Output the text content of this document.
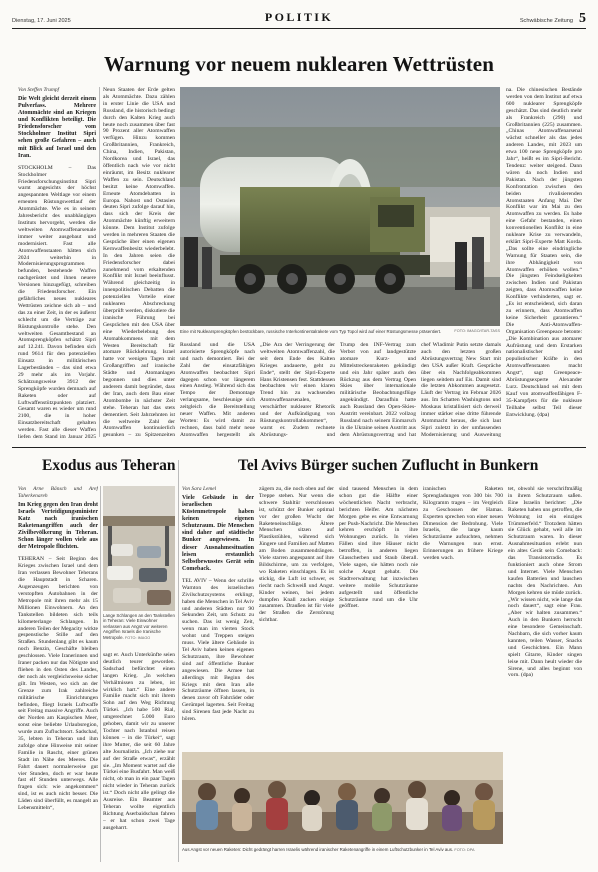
Dienstag, 17. Juni 2025	POLITIK	Schwäbische Zeitung 5
Warnung vor neuem nuklearen Wettrüsten
Von Steffen Trumpf
Die Welt gleicht derzeit einem Pulverfass. Mehrere Atommächte sind an Kriegen und Konflikten beteiligt. Die Friedensforscher vom Stockholmer Institut Sipri sehen große Gefahren – auch mit Blick auf Israel und den Iran.
STOCKHOLM – Das Stockholmer Friedensforschungsinstitut Sipri warnt angesichts der höchst angespannten Weltlage vor einem erneuten Rüstungswettlauf der Atommächte. Wie es in seinem Jahresbericht des unabhängigen Instituts hervorgeht, werden die weltweiten Atomwaffenarsenale immer weiter ausgebaut und modernisiert. Fast alle Atomwaffenstaaten hätten sich 2024 weiterhin in Modernisierungsprogrammen befunden, bestehende Waffen nachgerüstet und ihnen neuere Versionen hinzugefügt, schreiben die Friedensforscher. Ein gefährliches neues nukleares Wettrüsten zeichne sich ab – und das zu einer Zeit, in der es äußerst schlecht um die Verträge zur Rüstungskontrolle stehe. Den weltweiten Gesamtbestand an Atomsprengköpfen schätzt Sipri auf 12.241. Davon befinden sich rund 9614 für den potenziellen Einsatz in militärischen Lagerbeständen – das sind etwa 29 mehr als im Vorjahr. Schätzungsweise 3912 der Sprengköpfe wurden demnach auf Raketen oder auf Luftwaffenstützpunkten platziert. Gesamt waren es wieder um rund 2100, die in hoher Einsatzbereitschaft gehalten werden. Fast alle dieser Waffen liefen dem Stand im Januar 2025
Neun Staaten der Erde gelten als Atommächte. Dazu zählen in erster Linie die USA und Russland, die historisch bedingt durch den Kalten Krieg auch heute noch zusammen über fast 90 Prozent aller Atomwaffen verfügen. Hinzu kommen Großbritannien, Frankreich, China, Indien, Pakistan, Nordkorea und Israel, das öffentlich nach wie vor nicht einräumt, im Besitz nuklearer Waffen zu sein. Deutschland besitzt keine Atomwaffen. Erneute Atomdebatten in Europa. Nahost und Ostasien deuten Sipri zufolge darauf hin, dass sich der Kreis der Atommächte künftig erweitern könnte. Dem Institut zufolge werden in mehreren Staaten die Gespräche über einen eigenen Kernwaffenbesitz wiederbelebt. In den Jahren seien die Friedensforscher dabei zunehmend vom erkaltenden Konflikt mit Israel beeinflusst. Während gleichzeitig in innenpolitischen Debatten die potenziellen Vorteile einer nuklearen Abschreckung überprüft werden, diskutiere die iranische Führung bei Gesprächen mit den USA über eine Wiederbelebung des Atomabkommens mit dem Westen Bereitschaft für atomare Rückkehrung. Israel hatte vor wenigen Tagen mit Großangriffen auf iranische Städte und Atomanlagen begonnen und dies unter anderem damit begründet, dass der Iran, auch dem Bau einer Atombombe in nächster Zeit stehe. Teheran hat das stets dementiert. Seit Jahrzehnten ist die weltweite Zahl der Atomwaffen kontinuierlich gesunken – zu Spitzenzeiten
Eine mit Nuklearsprengköpfen bestückbare, russische Interkontinentalrakete vom Typ Topol wird auf einer Rüstungsmesse präsentiert.	FOTO: IMAGO/ITAR-TASS
Russland und die USA autorisierte Sprengköpfe nach und nach demontiert. Bei der Zahl der einsatzfähigen Atomwaffen beobachtet Sipri dagegen schon vor längerem einen Anstieg. Während sich das Tempo der Demontage verlangsame, beschleunige sich zeitgleich die Bereitstellung neuer Waffen. Mit anderen Worten: Es wird damit zu rechnen, dass bald mehr neue Atomwaffen hergestellt als
„Die Ära der Verringerung der weltweiten Atomwaffenzahl, die seit dem Ende des Kalten Krieges andauerte, geht zu Ende“, stellt der Sipri-Experte Hans Kristensen fest. Stattdessen beobachten wir einen klaren Trend hin zu wachsenden Atomwaffenarsenalen, verschärfter nuklearer Rhetorik und der Aufkündigung von Rüstungskontrollabkommen“, warnt er. Zudem rechnete Abrüstungs- und
Trump den INF-Vertrag zum Verbot von auf landgestützte atomare Kurz- und Mittelstreckenraketen gekündigt und ein Jahr später auch den Rückzug aus dem Vertrag Open Skies über internationale militärische Beobachtungsflüge angekündigt. Daraufhin hatte auch Russland den Open-Skies-Austritt vereinbart. 2022 vollzog Russland nach seinem Einmarsch in die Ukraine seinen Austritt aus dem Abrüstungsvertrag und hat
chef Wladimir Putin setzte damals auch den letzten großen Abrüstungsvertrag New Start mit den USA außer Kraft. Gespräche über ein Nachfolgeabkommen liegen seitdem auf Eis. Damit sind die letzten Abkommen ausgesetzt. Läuft der Vertrag im Februar 2026 aus. Im Schatten Washingtons und Moskaus kristallisiert sich derweil immer stärker eine dritte führende Atommacht heraus, die sich laut Sipri zuletzt in der umfassenden Modernisierung und Ausweitung
na. Die chinesischen Bestände werden von dem Institut auf etwa 600 nuklearer Sprengköpfe geschätzt. Das sind deutlich mehr als Frankreich (290) und Großbritannien (225) zusammen. „Chinas Atomwaffenarsenal wächst schneller als das jedes anderen Landes, mit 2023 um etwa 100 neue Sprengköpfe pro Jahr“, heißt es im Sipri-Bericht. Tendenz: weiter steigend. Dann wären da noch Indien und Pakistan. Nach der jüngsten Konfrontation zwischen den beiden rivalisierenden Atomstaaten Anfang Mai. Der Konflikt war im Mai zu den Atomwaffen zu werden. Es habe eine Gefahr bestanden, einen konventionellen Konflikt in eine nukleare Krise zu verwandeln, erklärt Sipri-Experte Matt Korda. „Das sollte eine eindringliche Warnung für Staaten sein, die ihre Abhängigkeit von Atomwaffen erhöhen wollen.“ Die jüngsten Feindseligkeiten zwischen Indien und Pakistan zeigten, dass Atomwaffen keine Konflikte verhinderten, sagt er. „Es ist entscheidend, sich daran zu erinnern, dass Atomwaffen keine Sicherheit garantieren.“ Die Anti-Atomwaffen-Organisation Greenpeace betonte: „Die Kombination aus atomarer Aufrüstung und dem Erstarken nationalistischer und populistischer Kräfte in den Atomwaffenstaaten macht Angst“, sagt Greenpeace-Abrüstungsexperte Alexander Lurz. Deutschland sei mit dem Kauf von atomwaffenfähigen F-35-Kampfjets für die nukleare Teilhabe selbst Teil dieser Entwicklung. (dpa)
Exodus aus Teheran
Von Arne Bänsch und Aref Taherkenareh
Im Krieg gegen den Iran droht Israels Verteidigungsminister Katz nach iranischen Raketenangriffen auch der Zivilbevölkerung in Teheran. Schon länger wollen viele aus der Metropole flüchten.
TEHERAN – Seit Beginn des Krieges zwischen Israel und dem Iran verlassen Bewohner Teherans die Hauptstadt in Scharen. Augenzeugen berichten von verstopften Autobahnen in der Metropole mit ihren mehr als 15 Millionen Einwohnern. An den Tankstellen bildeten sich teils kilometerlange Schlangen. In anderen Teilen der Megacity wirkte gespenstische Stille auf den Straßen. Stundenlang gibt es kaum noch Benzin, Geschäfte bleiben geschlossen. Viele Iranerinnen und Iraner packen nur das Nötigste und fliehen in den Osten des Landes, der noch als vergleichsweise sicher gilt. Im Westen, wo sich an der Grenze zum Irak zahlreiche militärische Einrichtungen befinden, fliegt Israels Luftwaffe seit Freitag massive Angriffe. Auch der Norden am Kaspischen Meer, sonst eine beliebte Urlaubsregion, wurde zum Zufluchtsort. Sadschad, 35, lebten in Teheran und ihm zufolge ohne Hinweise mit seiner Familie in Rascht, einer grünen Stadt im Nähe des Meeres. Die Fahrt dauert normalerweise gut vier Stunden, doch er war heute fast elf Stunden unterwegs. Alle fragen sich: wie angekommen“ sind, ist es auch nicht besser. Die Läden sind überfüllt, es mangelt an Lebensmitteln“,
Lange Schlangen an den Tankstellen in Teheran: Viele Einwohner verlassen aus Angst vor weiteren Angriffen Israels die Iranische Metropole. FOTO: IMAGO
sagt er. Auch Unterkünfte seien deutlich teurer geworden. Sadschad befürchtet einen langen Krieg. „In welchen Verhältnissen zu leben, ist wirklich hart.“ Eine andere Familie macht sich mit ihrem Sohn auf den Weg Richtung Türkei. „Ich habe 500 Rial, umgerechnet 5.000 Euro gehoben, damit wir zu unserer Tochter nach Istanbul reisen können – in die Türkei“, sagt ihre Mutter, die seit 60 Jahre alte Journalistin. „Ich ziehe nur auf der Straße etwas“, erzählt sie. „Im Moment wartet auf die Türkei eine Busfahrt. Man weiß nicht, ob man in ein paar Tagen nicht wieder in Teheran zurück ist.“ Doch nicht alle gelingt die Ausreise. Ein Beamter aus Teheran wollte eigentlich Richtung Aserbaidschan fahren – er hat schon zwei Tage ausgeharrt.
Tel Avivs Bürger suchen Zuflucht in Bunkern
Von Sara Lemel
Viele Gebäude in der israelischen Küstenmetropole haben keinen eigenen Schutzraum. Die Menschen sind daher auf städtische Bunker angewiesen. In dieser Ausnahmesituation leisen erstaunlich Selbstbewusstes Gerät sein Comeback.
TEL AVIV – Wenn der schrille Warnton des israelischen Zivilschutzsystems erklingt, haben die Menschen in Tel Aviv und anderen Städten nur 90 Sekunden Zeit, um Schutz zu suchen. Das ist wenig Zeit, wenn man im vierten Stock wohnt und Treppen steigen muss. Viele ältere Gebäude in Tel Aviv haben keinen eigenen Schutzraum, ihre Bewohner sind auf öffentliche Bunker angewiesen. Die Armee hat allerdings mit Beginn des Kriegs mit dem Iran alle Schutzräume öffnen lassen, in denen zuvor oft Fahrräder oder Gerümpel lagerten. Seit Freitag sind Sirenen fast jede Nacht zu hören.
zügern zu, die noch oben auf der Treppe stehen. Nur wenn die schwere Stahltür verschlossen ist, schützt der Bunker optimal vor der großen Wucht der Raketeneinschläge. Ältere Menschen sitzen auf Plastikstühlen, während sich Jüngere und Familien auf Matten am Boden zusammendrängen. Viele starren angespannt auf ihre Bildschirme, um zu verfolgen, wo Raketen einschlagen. Es ist stickig, die Luft ist schwer, es riecht nach Schweiß und Angst. Kinder weinen, bei jedem dumpfen Knall zucken einige zusammen. Draußen ist für viele der Straßen die Zerstörung sichtbar.
sind tausend Menschen in dem schon gut die Hälfte einer wöchentlichen Nacht verbracht, berichten Helfer. Am nächsten Morgen gebe es eine Entwarnung per Push-Nachricht. Die Menschen kehren erschöpft in ihre Wohnungen zurück. In vielen Fällen sind ihre Häuser nicht betroffen, in anderen liegen Glasscherben und Staub überall. Viele sagen, sie hätten noch nie solche Angst gehabt. Die Stadtverwaltung hat inzwischen weitere mobile Schutzräume aufgestellt und öffentliche Schutzräume rund um die Uhr geöffnet.
iranischen Raketen Sprengladungen von 300 bis 700 Kilogramm tragen – im Vergleich zu Geschossen der Hamas. Experten sprechen von einer neuen Dimension der Bedrohung. Viele Israelis, die lange kaum Schutzräume aufsuchten, nehmen die Warnungen nun ernst. Erinnerungen an frühere Kriege werden wach.
tet, obwohl sie verschriftmäßig in ihrem Schutzraum saßen. Eine Israelin berichtet: „Die Raketen haben uns getroffen, die Wohnung ist ein einziges Trümmerfeld.“ Trotzdem hätten sie Glück gehabt, weil alle im Schutzraum waren. In dieser Ausnahmesituation erlebt nun ein altes Gerät sein Comeback: das Transistorradio. Es funktioniert auch ohne Strom und Internet. Viele Menschen kaufen Batterien und lauschen nachts den Nachrichten. Am Morgen kehren sie müde zurück. „Wir wissen nicht, wie lange das noch dauert“, sagt eine Frau. „Aber wir halten zusammen.“ Auch in den Bunkern herrscht eine besondere Gemeinschaft. Nachbarn, die sich vorher kaum kannten, teilen Wasser, Snacks und Geschichten. Ein Mann spielt Gitarre, Kinder singen leise mit. Dann heult wieder die Sirene, und alles beginnt von vorn. (dpa)
Aus Angst vor neuen Raketen: Dicht gedrängt harren Israelis während iranischer Raketenangriffe in einem Luftschutzbunker in Tel Aviv aus. FOTO: DPA
